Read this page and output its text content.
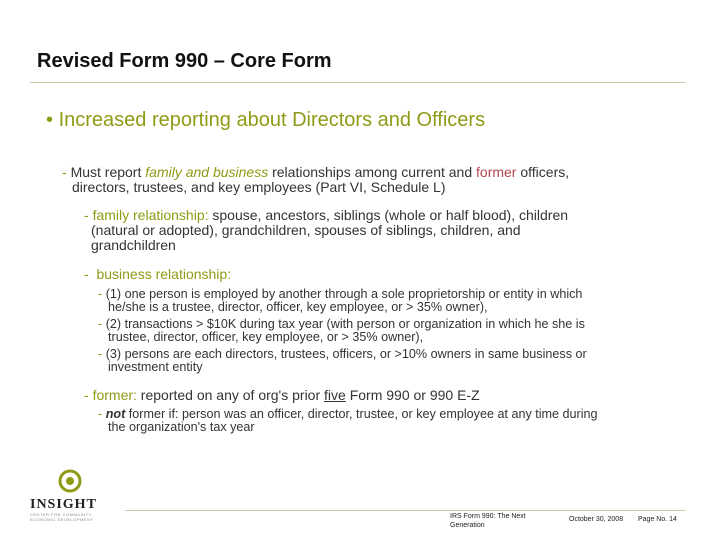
Revised Form 990 – Core Form
• Increased reporting about Directors and Officers
- Must report family and business relationships among current and former officers,
directors, trustees, and key employees (Part VI, Schedule L)
- family relationship: spouse, ancestors, siblings (whole or half blood), children
(natural or adopted), grandchildren, spouses of siblings, children, and
grandchildren
- business relationship:
- (1) one person is employed by another through a sole proprietorship or entity in which
he/she is a trustee, director, officer, key employee, or > 35% owner),
- (2) transactions > $10K during tax year (with person or organization in which he she is
trustee, director, officer, key employee, or > 35% owner),
- (3) persons are each directors, trustees, officers, or >10% owners in same business or
investment entity
- former: reported on any of org's prior five Form 990 or 990 E-Z
- not former if: person was an officer, director, trustee, or key employee at any time during
the organization's tax year
INSIGHT
CENTER FOR COMMUNITY ECONOMIC DEVELOPMENT	IRS Form 990: The Next
Generation
October 30, 2008 Page No. 14
